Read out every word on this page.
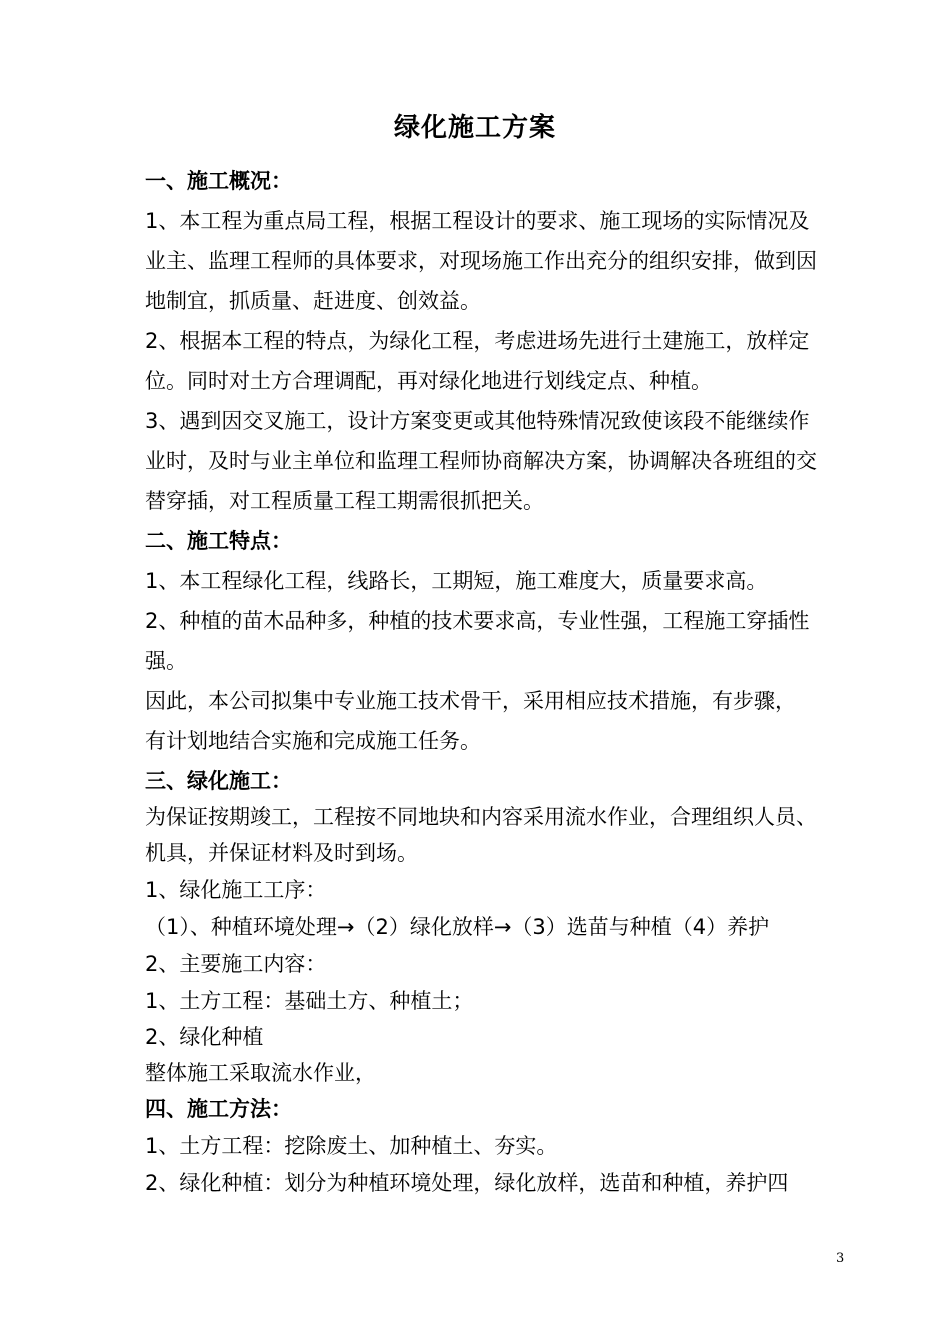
绿化施工方案
一、施工概况：
1、本工程为重点局工程，根据工程设计的要求、施工现场的实际情况及
业主、监理工程师的具体要求，对现场施工作出充分的组织安排，做到因
地制宜，抓质量、赶进度、创效益。
2、根据本工程的特点，为绿化工程，考虑进场先进行土建施工，放样定
位。同时对土方合理调配，再对绿化地进行划线定点、种植。
3、遇到因交叉施工，设计方案变更或其他特殊情况致使该段不能继续作
业时，及时与业主单位和监理工程师协商解决方案，协调解决各班组的交
替穿插，对工程质量工程工期需很抓把关。
二、施工特点：
1、本工程绿化工程，线路长，工期短，施工难度大，质量要求高。
2、种植的苗木品种多，种植的技术要求高，专业性强，工程施工穿插性
强。
因此，本公司拟集中专业施工技术骨干，采用相应技术措施，有步骤，
有计划地结合实施和完成施工任务。
三、绿化施工：
为保证按期竣工，工程按不同地块和内容采用流水作业，合理组织人员、
机具，并保证材料及时到场。
1、绿化施工工序：
（1）、种植环境处理→（2）绿化放样→（3）选苗与种植（4）养护
2、主要施工内容：
1、土方工程：基础土方、种植土；
2、绿化种植
整体施工采取流水作业，
四、施工方法：
1、土方工程：挖除废土、加种植土、夯实。
2、绿化种植：划分为种植环境处理，绿化放样，选苗和种植，养护四
3
